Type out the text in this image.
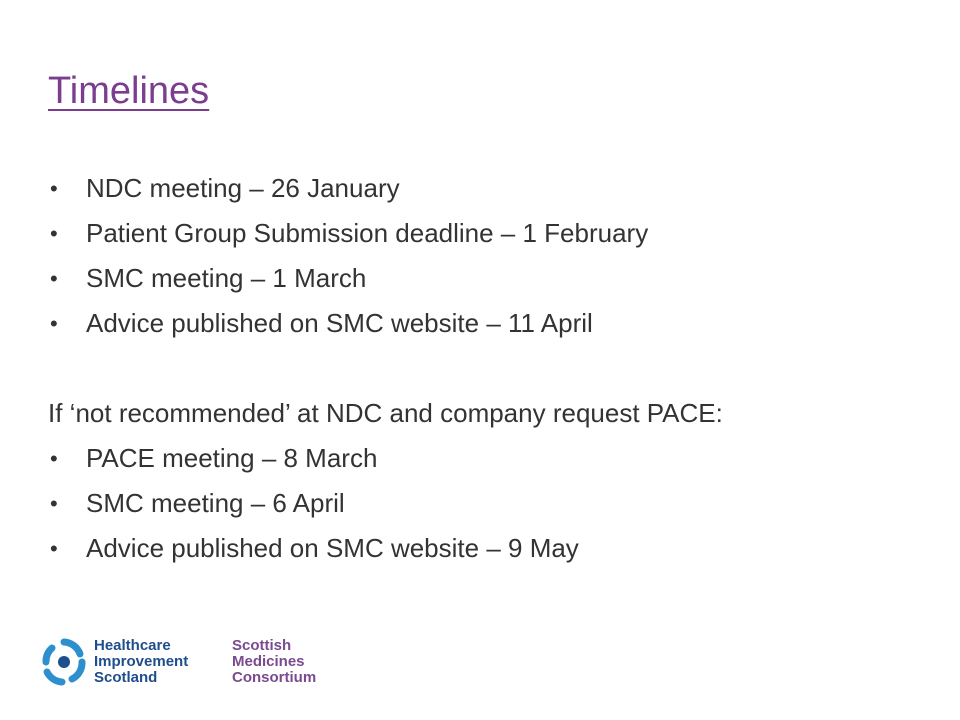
Timelines
• NDC meeting – 26 January
• Patient Group Submission deadline – 1 February
• SMC meeting – 1 March
• Advice published on SMC website – 11 April
If ‘not recommended’ at NDC and company request PACE:
• PACE meeting – 8 March
• SMC meeting – 6 April
• Advice published on SMC website – 9 May
Healthcare
Improvement
Scotland
Scottish
Medicines
Consortium
